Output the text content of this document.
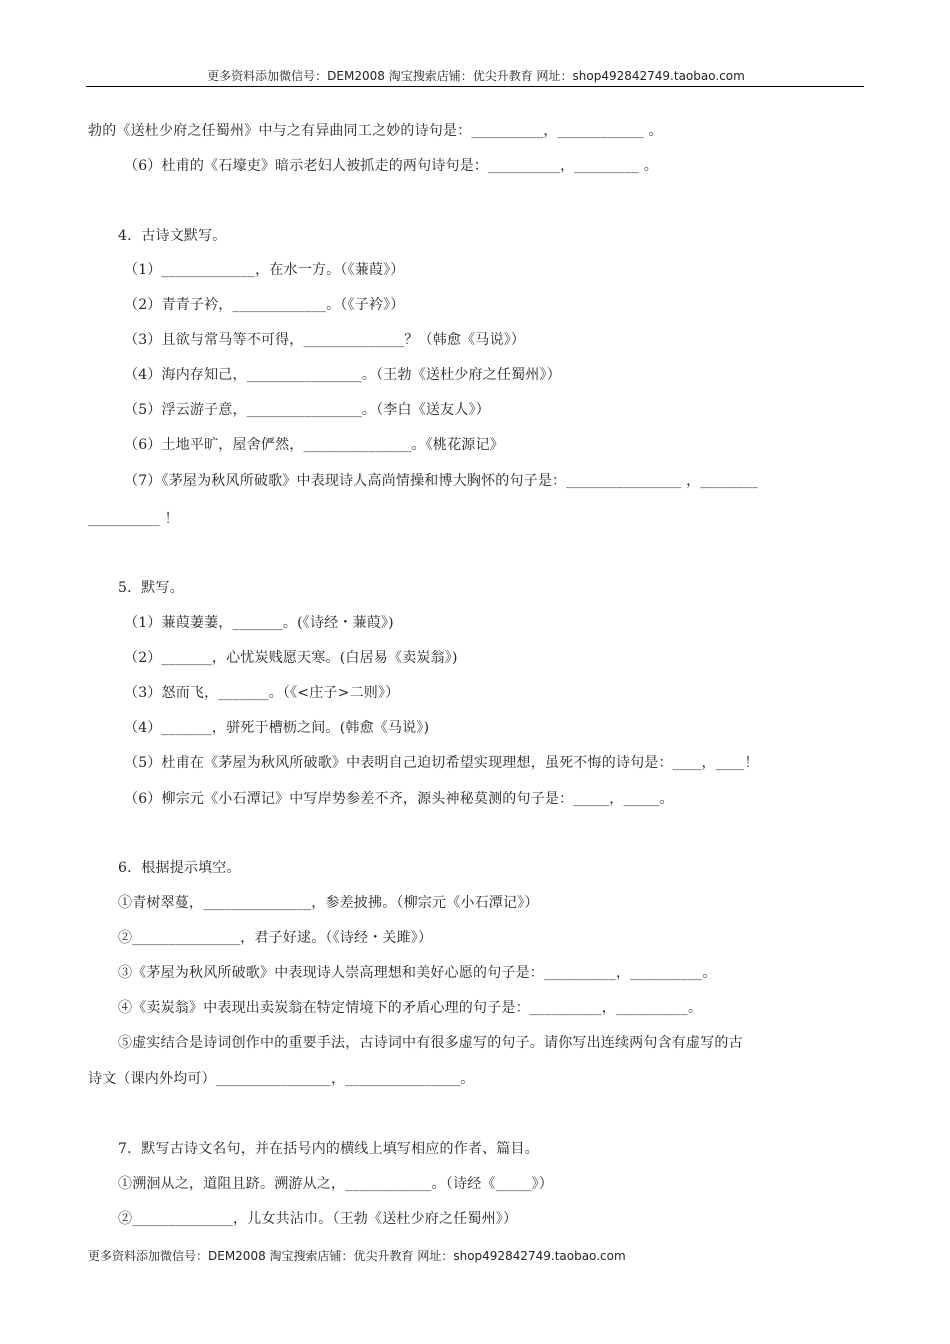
更多资料添加微信号：DEM2008 淘宝搜索店铺：优尖升教育 网址：shop492842749.taobao.com
勃的《送杜少府之任蜀州》中与之有异曲同工之妙的诗句是：__________，____________ 。
（6）杜甫的《石壕吏》暗示老妇人被抓走的两句诗句是：__________，_________ 。
4．古诗文默写。
（1）_____________，在水一方。（《蒹葭》）
（2）青青子衿，_____________。（《子衿》）
（3）且欲与常马等不可得，______________？（韩愈《马说》）
（4）海内存知己，________________。（王勃《送杜少府之任蜀州》）
（5）浮云游子意，________________。（李白《送友人》）
（6）土地平旷，屋舍俨然，_______________。《桃花源记》
（7）《茅屋为秋风所破歌》中表现诗人高尚情操和博大胸怀的句子是：________________ ，________
__________ ！
5．默写。
（1）蒹葭萋萋，_______。(《诗经・蒹葭》)
（2）_______，心忧炭贱愿天寒。(白居易《卖炭翁》)
（3）怒而飞，_______。（《<庄子>二则》）
（4）_______，骈死于槽枥之间。(韩愈《马说》)
（5）杜甫在《茅屋为秋风所破歌》中表明自己迫切希望实现理想，虽死不悔的诗句是：____，____！
（6）柳宗元《小石潭记》中写岸势参差不齐，源头神秘莫测的句子是：_____，_____。
6．根据提示填空。
①青树翠蔓，_______________，参差披拂。（柳宗元《小石潭记》）
②_______________，君子好逑。（《诗经・关雎》）
③《茅屋为秋风所破歌》中表现诗人崇高理想和美好心愿的句子是：__________，__________。
④《卖炭翁》中表现出卖炭翁在特定情境下的矛盾心理的句子是：__________，__________。
⑤虚实结合是诗词创作中的重要手法，古诗词中有很多虚写的句子。请你写出连续两句含有虚写的古
诗文（课内外均可）________________，________________。
7．默写古诗文名句，并在括号内的横线上填写相应的作者、篇目。
①溯洄从之，道阻且跻。溯游从之，____________。（诗经《_____》）
②______________，儿女共沾巾。（王勃《送杜少府之任蜀州》）
更多资料添加微信号：DEM2008 淘宝搜索店铺：优尖升教育 网址：shop492842749.taobao.com
